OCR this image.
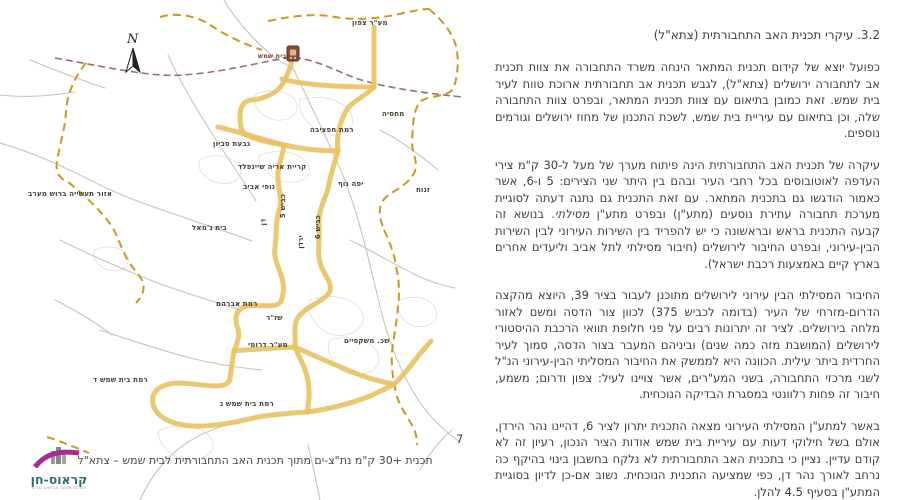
N
מע"ר צפון
בית שמש
מחסיה
רמת חפציבה
גבעת סביון
קריית אריה שיינפלד
נופי אביב	יפה נוף
זנוח
אזור תעשייה ברוש מערב
בית ג'מאל
רמת אברהם
שז"ר
מע"ר דרומי	שכ. משקפיים
רמת בית שמש ד
רמת בית שמש ג
דן
כביש 5
ירדן כביש 6
תכנית +30 ק"מ נת"צ-ים מתוך תכנית האב התחבורתית לבית שמש – צתא"ל
קראוס-חן
הנדסת תנועה וכבישים בע"מ
3.2. עיקרי תכנית האב התחבורתית (צתא"ל)

כפועל יוצא של קידום תכנית המתאר הינחה משרד התחבורה את צוות תכנית אב לתחבורה ירושלים (צתא"ל), לגבש תכנית אב תחבורתית ארוכת טווח לעיר בית שמש. זאת כמובן בתיאום עם צוות תכנית המתאר, ובפרט צוות התחבורה שלה, וכן בתיאום עם עיריית בית שמש, לשכת התכנון של מחוז ירושלים וגורמים נוספים.

עיקרה של תכנית האב התחבורתית הינה פיתוח מערך של מעל ל-30 ק"מ צירי העדפה לאוטובוסים בכל רחבי העיר ובהם בין היתר שני הצירים: 5 ו-6, אשר כאמור הודגשו גם בתכנית המתאר. עם זאת התכנית גם נתנה דעתה לסוגיית מערכת תחבורה עתירת נוסעים (מתע"ן) ובפרט מתע"ן מסילתי. בנושא זה קבעה התכנית בראש ובראשונה כי יש להפריד בין השירות העירוני לבין השירות הבין-עירוני, ובפרט החיבור לירושלים (חיבור מסילתי לתל אביב וליעדים אחרים בארץ קיים באמצעות רכבת ישראל).

החיבור המסילתי הבין עירוני לירושלים מתוכנן לעבור בציר 39, היוצא מהקצה הדרום-מזרחי של העיר (בדומה לכביש 375) לכוון צור הדסה ומשם לאזור מלחה בירושלים. לציר זה יתרונות רבים על פני חלופת תוואי הרכבת ההיסטורי לירושלים (המושבת מזה כמה שנים) וביניהם המעבר בצור הדסה, סמוך לעיר החרדית ביתר עילית. הכוונה היא לממשק את החיבור המסליתי הבין-עירוני הנ"ל לשני מרכזי התחבורה, בשני המע"רים, אשר צויינו לעיל: צפון ודרום; משמע, חיבור זה פחות רלוונטי במסגרת הבדיקה הנוכחית.

באשר למתע"ן המסילתי העירוני מצאה התכנית יתרון לציר 6, דהיינו נהר הירדן, אולם בשל חילוקי דעות עם עיריית בית שמש אודות הציר הנכון, רעיון זה לא קודם עדיין. נציין כי בתכנית האב התחבורתית לא נלקח בחשבון בינוי בהיקף כה נרחב לאורך נהר דן, כפי שמציעה התכנית הנוכחית. נשוב אם-כן לדיון בסוגיית המתע"ן בסעיף 4.5 להלן.

7
